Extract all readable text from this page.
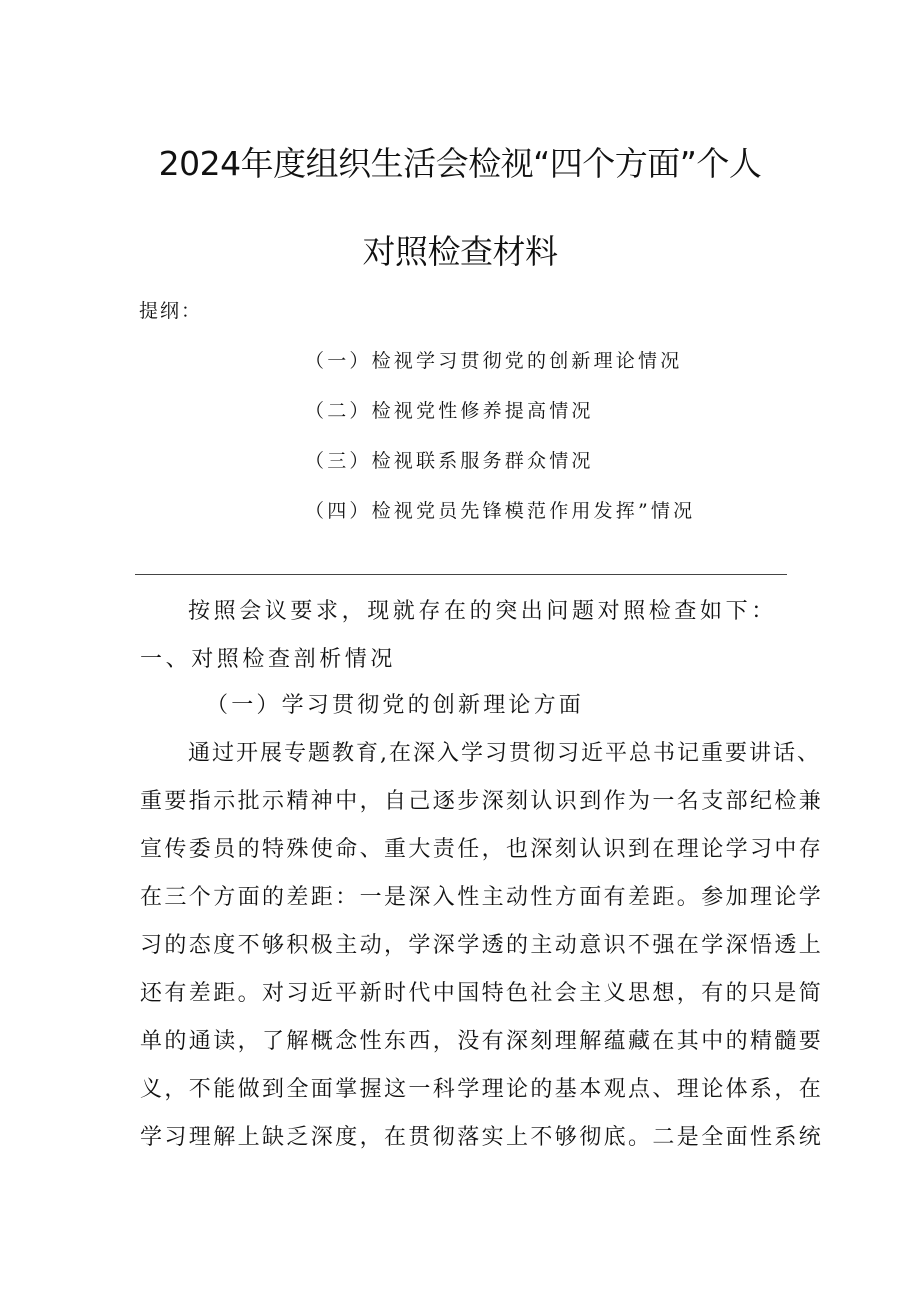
2024年度组织生活会检视“四个方面”个人
对照检查材料
提纲：
（一）检视学习贯彻党的创新理论情况
（二）检视党性修养提高情况
（三）检视联系服务群众情况
（四）检视党员先锋模范作用发挥”情况
按照会议要求，现就存在的突出问题对照检查如下：
一、对照检查剖析情况
（一）学习贯彻党的创新理论方面
通过开展专题教育,在深入学习贯彻习近平总书记重要讲话、
重要指示批示精神中，自己逐步深刻认识到作为一名支部纪检兼
宣传委员的特殊使命、重大责任，也深刻认识到在理论学习中存
在三个方面的差距：一是深入性主动性方面有差距。参加理论学
习的态度不够积极主动，学深学透的主动意识不强在学深悟透上
还有差距。对习近平新时代中国特色社会主义思想，有的只是简
单的通读，了解概念性东西，没有深刻理解蕴藏在其中的精髓要
义，不能做到全面掌握这一科学理论的基本观点、理论体系，在
学习理解上缺乏深度，在贯彻落实上不够彻底。二是全面性系统
